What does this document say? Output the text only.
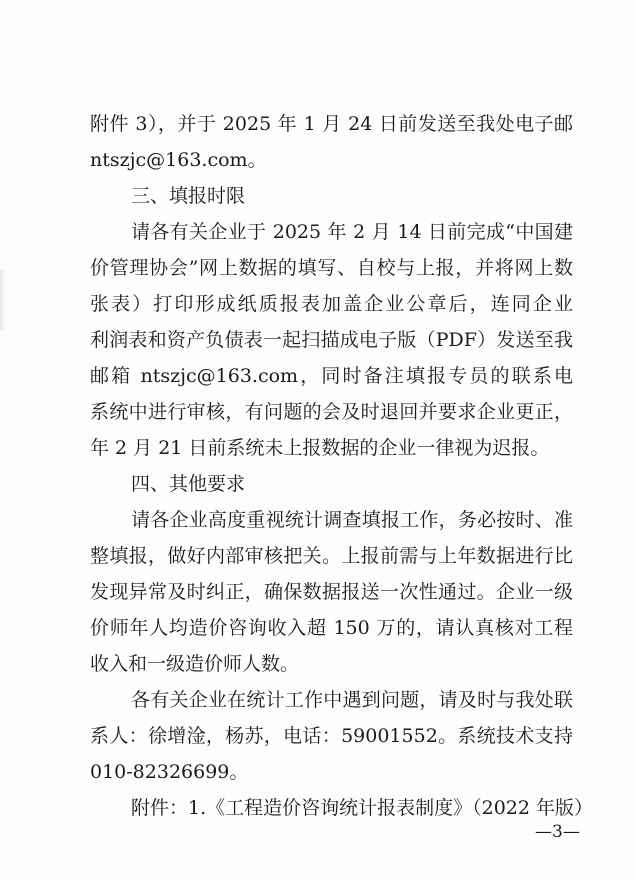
附件 3），并于 2025 年 1 月 24 日前发送至我处电子邮
ntszjc@163.com。
三、填报时限
请各有关企业于 2025 年 2 月 14 日前完成“中国建
价管理协会”网上数据的填写、自校与上报，并将网上数
张表）打印形成纸质报表加盖企业公章后，连同企业
利润表和资产负债表一起扫描成电子版（PDF）发送至我
邮箱 ntszjc@163.com，同时备注填报专员的联系电
系统中进行审核，有问题的会及时退回并要求企业更正，
年 2 月 21 日前系统未上报数据的企业一律视为迟报。
四、其他要求
请各企业高度重视统计调查填报工作，务必按时、准
整填报，做好内部审核把关。上报前需与上年数据进行比
发现异常及时纠正，确保数据报送一次性通过。企业一级
价师年人均造价咨询收入超 150 万的，请认真核对工程
收入和一级造价师人数。
各有关企业在统计工作中遇到问题，请及时与我处联
系人：徐增淦，杨苏，电话：59001552。系统技术支持
010-82326699。
附件：1.《工程造价咨询统计报表制度》（2022 年版）
—3—
